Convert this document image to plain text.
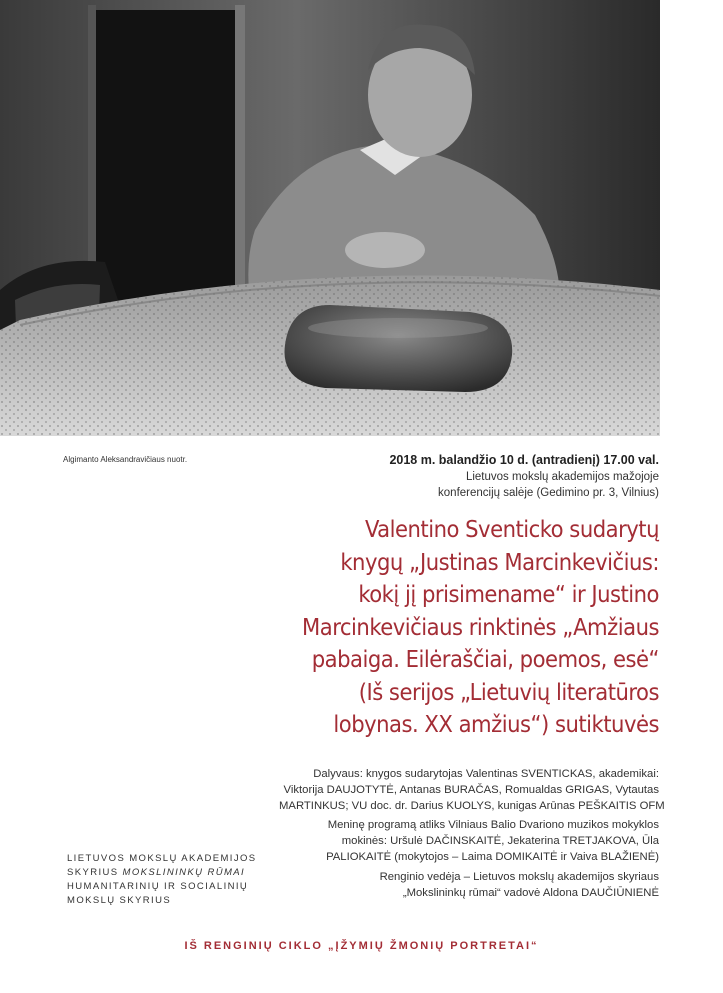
Algimanto Aleksandravičiaus nuotr.	2018 m. balandžio 10 d. (antradienį) 17.00 val.
Lietuvos mokslų akademijos mažojoje
konferencijų salėje (Gedimino pr. 3, Vilnius)
Valentino Sventicko sudarytų
knygų „Justinas Marcinkevičius:
kokį jį prisimename“ ir Justino
Marcinkevičiaus rinktinės „Amžiaus
pabaiga. Eilėraščiai, poemos, esė“
(Iš serijos „Lietuvių literatūros
lobynas. XX amžius“) sutiktuvės
Dalyvaus: knygos sudarytojas Valentinas SVENTICKAS, akademikai:
Viktorija DAUJOTYTĖ, Antanas BURAČAS, Romualdas GRIGAS, Vytautas
MARTINKUS; VU doc. dr. Darius KUOLYS, kunigas Arūnas PEŠKAITIS OFM
Meninę programą atliks Vilniaus Balio Dvariono muzikos mokyklos
mokinės: Uršulė DAČINSKAITĖ, Jekaterina TRETJAKOVA, Ūla
PALIOKAITĖ (mokytojos – Laima DOMIKAITĖ ir Vaiva BLAŽIENĖ)
Renginio vedėja – Lietuvos mokslų akademijos skyriaus
„Mokslininkų rūmai“ vadovė Aldona DAUČIŪNIENĖ
LIETUVOS MOKSLŲ AKADEMIJOS
SKYRIUS MOKSLININKŲ RŪMAI
HUMANITARINIŲ IR SOCIALINIŲ
MOKSLŲ SKYRIUS
IŠ RENGINIŲ CIKLO „ĮŽYMIŲ ŽMONIŲ PORTRETAI“
